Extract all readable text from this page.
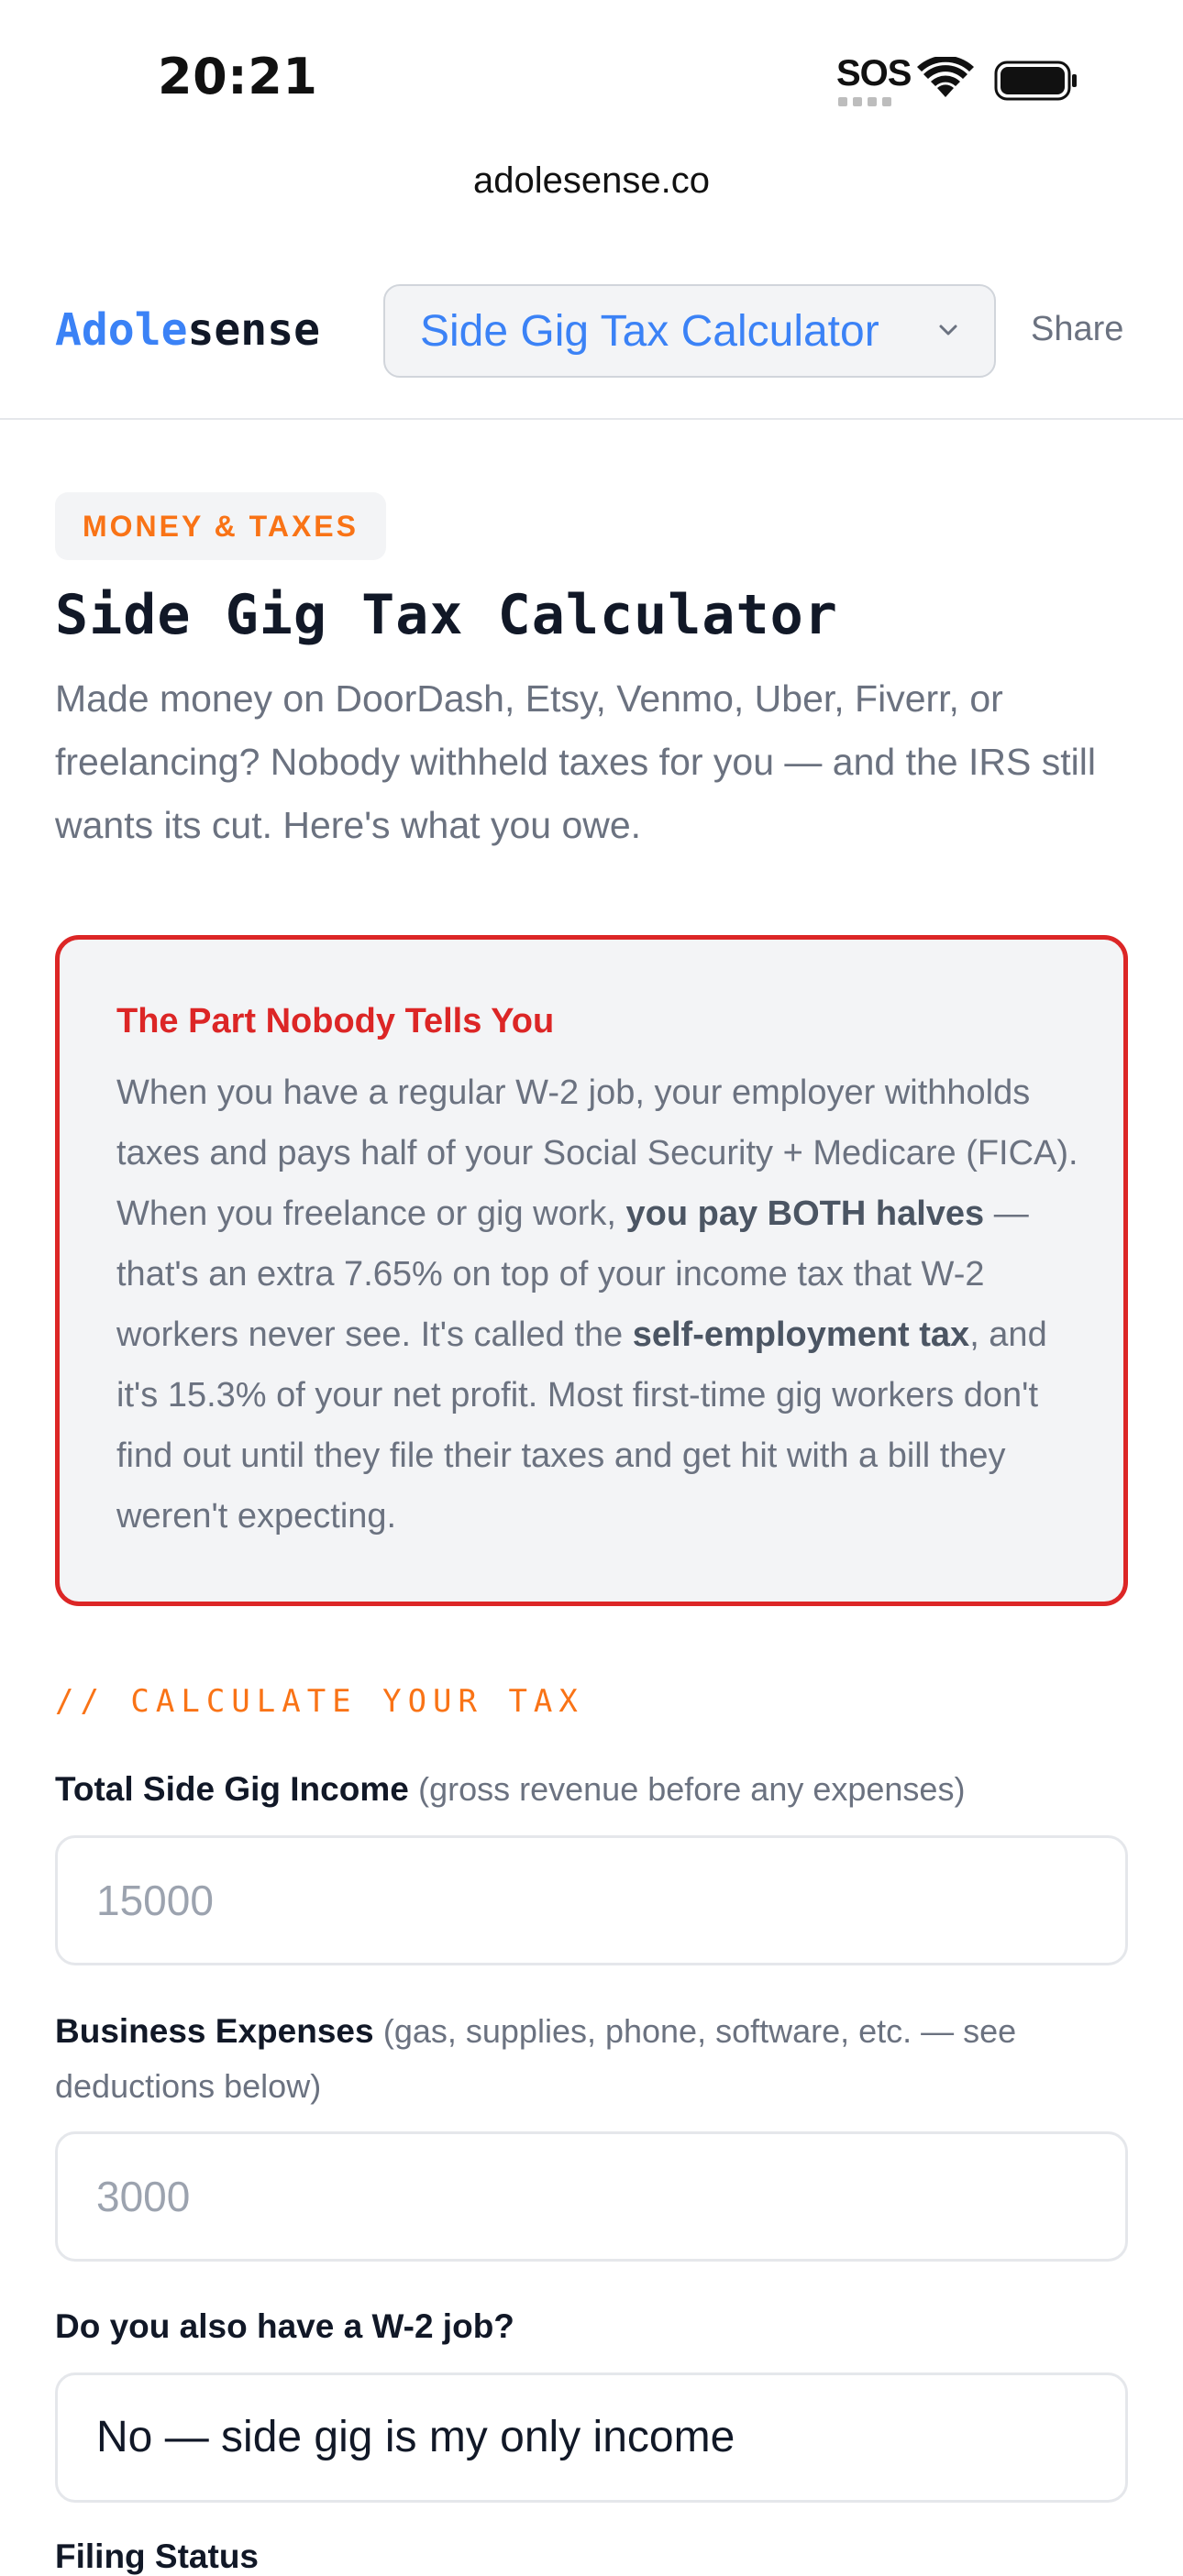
20:21	SOS
adolesense.co
Adolesense Side Gig Tax Calculator	Share
MONEY & TAXES
Side Gig Tax Calculator
Made money on DoorDash, Etsy, Venmo, Uber, Fiverr, or freelancing? Nobody withheld taxes for you — and the IRS still wants its cut. Here's what you owe.
The Part Nobody Tells You
When you have a regular W-2 job, your employer withholds taxes and pays half of your Social Security + Medicare (FICA). When you freelance or gig work, you pay BOTH halves — that's an extra 7.65% on top of your income tax that W-2 workers never see. It's called the self-employment tax, and it's 15.3% of your net profit. Most first-time gig workers don't find out until they file their taxes and get hit with a bill they weren't expecting.
// CALCULATE YOUR TAX
Total Side Gig Income (gross revenue before any expenses)
15000
Business Expenses (gas, supplies, phone, software, etc. — see deductions below)
3000
Do you also have a W-2 job?
No — side gig is my only income
Filing Status
